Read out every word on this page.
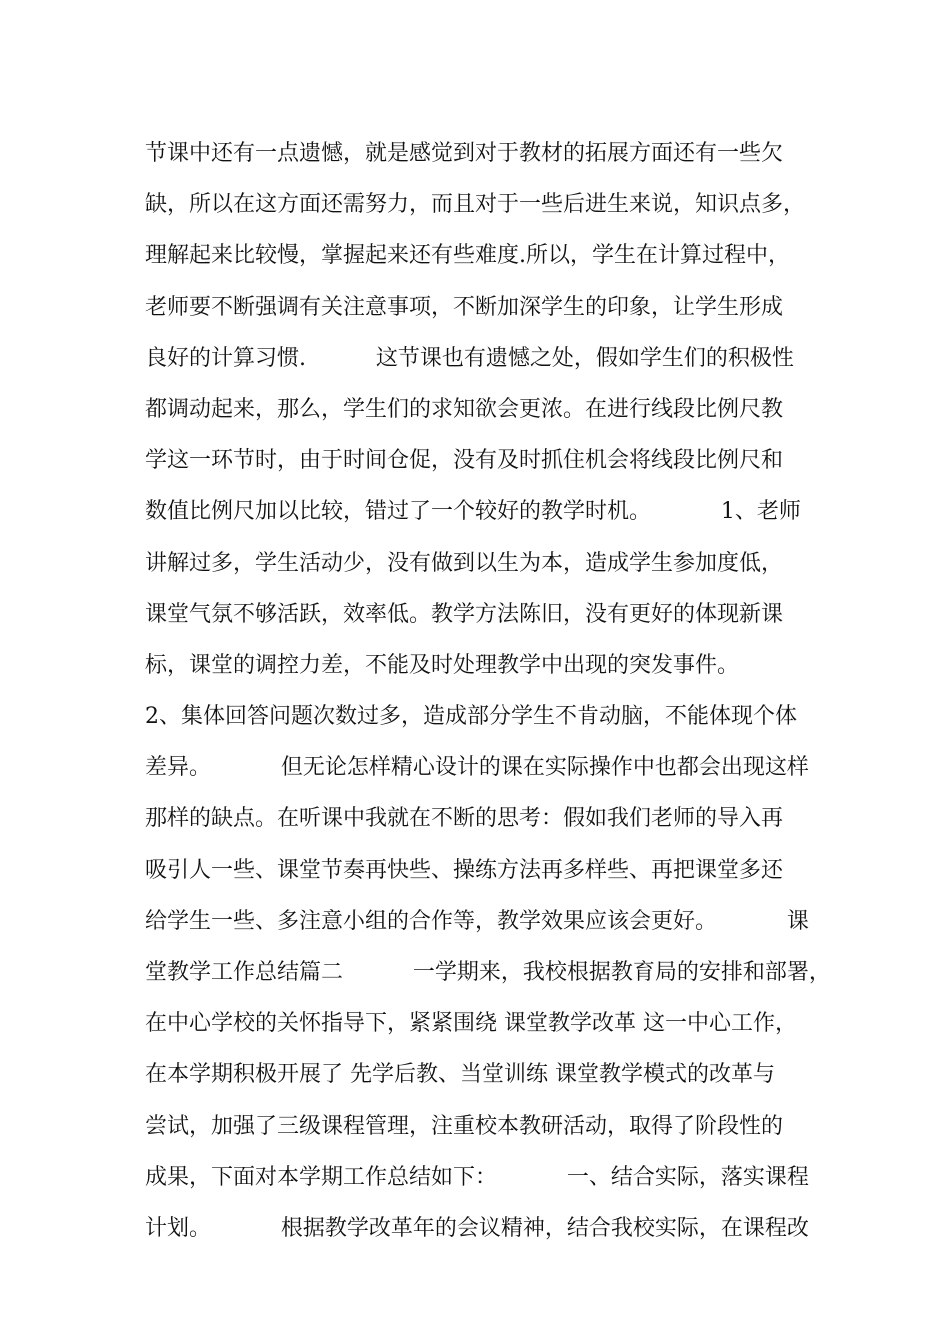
节课中还有一点遗憾，就是感觉到对于教材的拓展方面还有一些欠
缺，所以在这方面还需努力，而且对于一些后进生来说，知识点多，
理解起来比较慢，掌握起来还有些难度.所以，学生在计算过程中，
老师要不断强调有关注意事项，不断加深学生的印象，让学生形成
良好的计算习惯.          这节课也有遗憾之处，假如学生们的积极性
都调动起来，那么，学生们的求知欲会更浓。在进行线段比例尺教
学这一环节时，由于时间仓促，没有及时抓住机会将线段比例尺和
数值比例尺加以比较，错过了一个较好的教学时机。          1、老师
讲解过多，学生活动少，没有做到以生为本，造成学生参加度低，
课堂气氛不够活跃，效率低。教学方法陈旧，没有更好的体现新课
标，课堂的调控力差，不能及时处理教学中出现的突发事件。
2、集体回答问题次数过多，造成部分学生不肯动脑，不能体现个体
差异。          但无论怎样精心设计的课在实际操作中也都会出现这样
那样的缺点。在听课中我就在不断的思考：假如我们老师的导入再
吸引人一些、课堂节奏再快些、操练方法再多样些、再把课堂多还
给学生一些、多注意小组的合作等，教学效果应该会更好。          课
堂教学工作总结篇二          一学期来，我校根据教育局的安排和部署，
在中心学校的关怀指导下，紧紧围绕 课堂教学改革 这一中心工作，
在本学期积极开展了 先学后教、当堂训练 课堂教学模式的改革与
尝试，加强了三级课程管理，注重校本教研活动，取得了阶段性的
成果，下面对本学期工作总结如下：          一、结合实际，落实课程
计划。          根据教学改革年的会议精神，结合我校实际，在课程改
